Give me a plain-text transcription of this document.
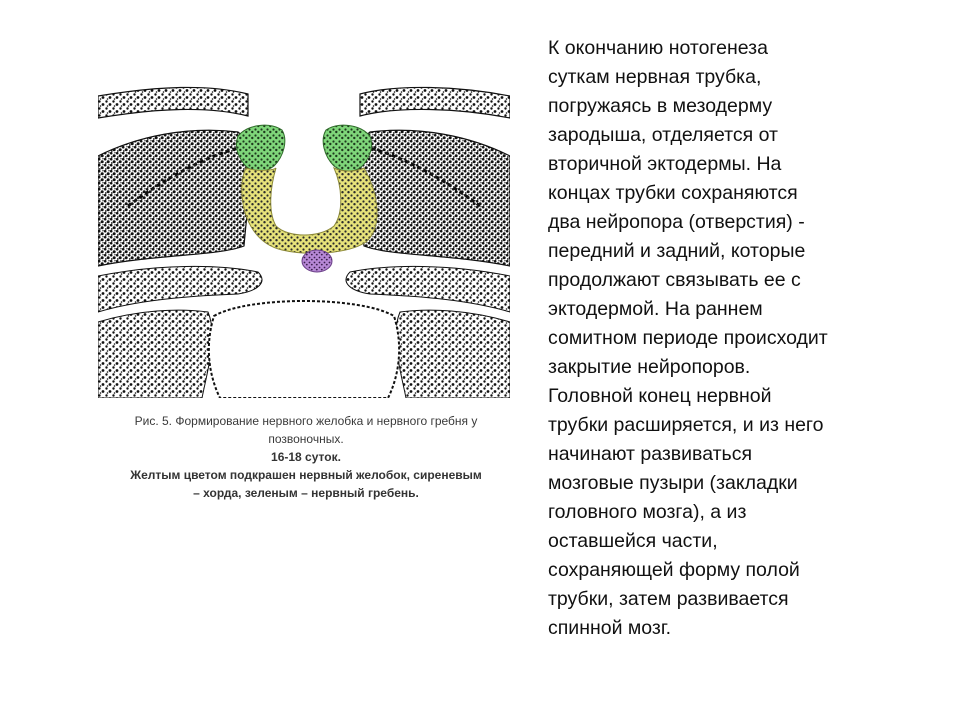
Рис. 5. Формирование нервного желобка и нервного гребня у
позвоночных.
16-18 суток.
Желтым цветом подкрашен нервный желобок, сиреневым
– хорда, зеленым – нервный гребень.
К окончанию нотогенеза
суткам нервная трубка,
погружаясь в мезодерму
зародыша, отделяется от
вторичной эктодермы. На
концах трубки сохраняются
два нейропора (отверстия) -
передний и задний, которые
продолжают связывать ее с
эктодермой. На раннем
сомитном периоде происходит
закрытие нейропоров.
Головной конец нервной
трубки расширяется, и из него
начинают развиваться
мозговые пузыри (закладки
головного мозга), а из
оставшейся части,
сохраняющей форму полой
трубки, затем развивается
спинной мозг.
